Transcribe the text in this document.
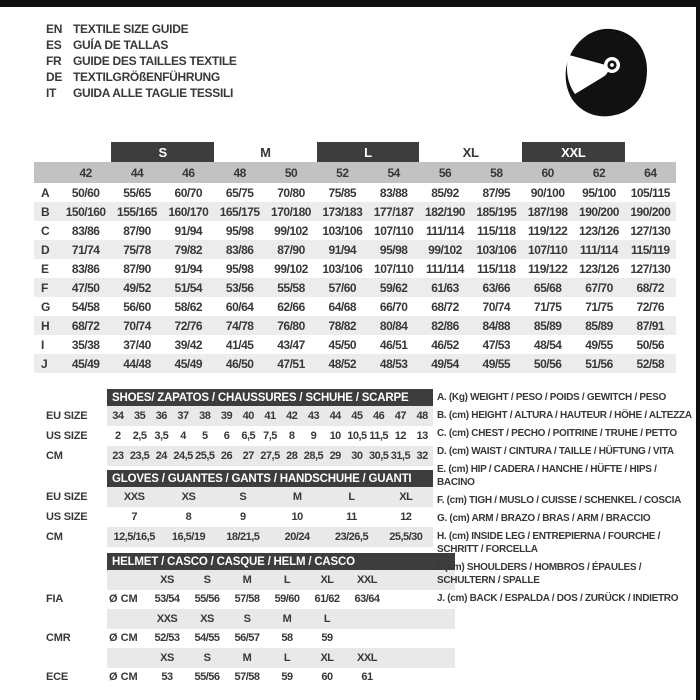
EN TEXTILE SIZE GUIDE
ES GUÍA DE TALLAS
FR GUIDE DES TAILLES TEXTILE
DE TEXTILGRÖßENFÜHRUNG
IT	GUIDA ALLE TAGLIE TESSILI
S	M	L	XL	XXL
42	44	46	48	50	52	54	56	58	60	62	64
A	50/60	55/65	60/70	65/75	70/80	75/85	83/88	85/92	87/95	90/100	95/100	105/115
B	150/160 155/165 160/170 165/175 170/180 173/183 177/187 182/190 185/195 187/198 190/200 190/200
C	83/86	87/90	91/94	95/98	99/102	103/106 107/110	111/114	115/118	119/122 123/126 127/130
D	71/74	75/78	79/82	83/86	87/90	91/94	95/98	99/102	103/106 107/110	111/114	115/119
E	83/86	87/90	91/94	95/98	99/102	103/106 107/110	111/114	115/118	119/122 123/126 127/130
F	47/50	49/52	51/54	53/56	55/58	57/60	59/62	61/63	63/66	65/68	67/70	68/72
G	54/58	56/60	58/62	60/64	62/66	64/68	66/70	68/72	70/74	71/75	71/75	72/76
H	68/72	70/74	72/76	74/78	76/80	78/82	80/84	82/86	84/88	85/89	85/89	87/91
I	35/38	37/40	39/42	41/45	43/47	45/50	46/51	46/52	47/53	48/54	49/55	50/56
J	45/49	44/48	45/49	46/50	47/51	48/52	48/53	49/54	49/55	50/56	51/56	52/58
SHOES/ ZAPATOS / CHAUSSURES / SCHUHE / SCARPE
EU SIZE	34 35 36 37 38 39 40 41 42 43 44 45 46 47 48
US SIZE	2	2,5 3,5	4	5	6	6,5 7,5	8	9	10 10,5 11,5 12 13
CM	23 23,5 24 24,5 25,5 26 27 27,5 28 28,5 29 30 30,5 31,5 32
GLOVES / GUANTES / GANTS / HANDSCHUHE / GUANTI
EU SIZE	XXS	XS	S	M	L	XL
US SIZE	7	8	9	10	11	12
CM	12,5/16,5	16,5/19	18/21,5	20/24	23/26,5	25,5/30
HELMET / CASCO / CASQUE / HELM / CASCO
XS	S	M	L	XL	XXL
FIA	Ø CM	53/54	55/56	57/58	59/60	61/62	63/64
XXS	XS	S	M	L
CMR	Ø CM	52/53	54/55	56/57	58	59
XS	S	M	L	XL	XXL
ECE	Ø CM	53	55/56	57/58	59	60	61
A. (Kg) WEIGHT / PESO / POIDS / GEWITCH / PESO
B. (cm) HEIGHT / ALTURA / HAUTEUR / HÖHE / ALTEZZA
C. (cm) CHEST / PECHO / POITRINE / TRUHE / PETTO
D. (cm) WAIST / CINTURA / TAILLE / HÜFTUNG / VITA
E. (cm) HIP / CADERA / HANCHE / HÜFTE / HIPS / BACINO
F. (cm) TIGH / MUSLO / CUISSE / SCHENKEL / COSCIA
G. (cm) ARM / BRAZO / BRAS / ARM / BRACCIO
H. (cm) INSIDE LEG / ENTREPIERNA / FOURCHE / SCHRITT / FORCELLA
I. (cm) SHOULDERS / HOMBROS / ÉPAULES / SCHULTERN / SPALLE
J. (cm) BACK / ESPALDA / DOS / ZURÜCK / INDIETRO
